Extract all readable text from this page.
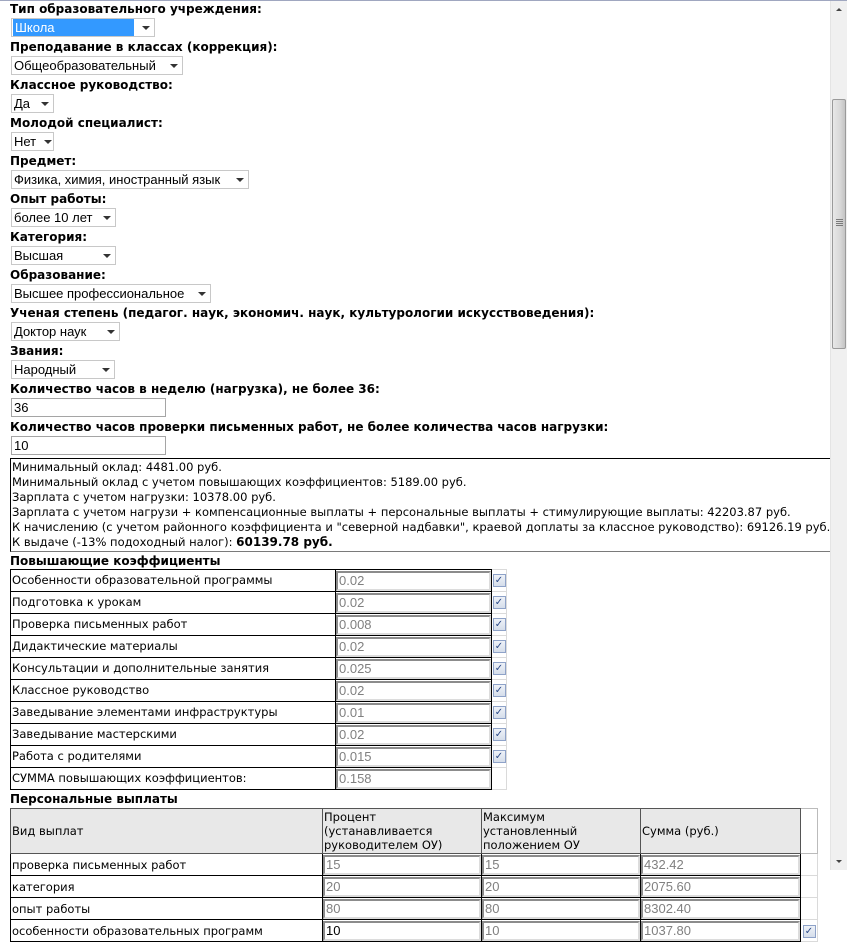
Тип образовательного учреждения:
Школа
Преподавание в классах (коррекция):
Общеобразовательный
Классное руководство:
Да
Молодой специалист:
Нет
Предмет:
Физика, химия, иностранный язык
Опыт работы:
более 10 лет
Категория:
Высшая
Образование:
Высшее профессиональное
Ученая степень (педагог. наук, экономич. наук, культурологии искусствоведения):
Доктор наук
Звания:
Народный
Количество часов в неделю (нагрузка), не более 36:
36
Количество часов проверки письменных работ, не более количества часов нагрузки:
10
Минимальный оклад: 4481.00 руб.
Минимальный оклад с учетом повышающих коэффициентов: 5189.00 руб.
Зарплата с учетом нагрузки: 10378.00 руб.
Зарплата с учетом нагрузи + компенсационные выплаты + персональные выплаты + стимулирующие выплаты: 42203.87 руб.
К начислению (с учетом районного коэффициента и "северной надбавки", краевой доплаты за классное руководство): 69126.19 руб.
К выдаче (-13% подоходный налог): 60139.78 руб.
Повышающие коэффициенты
Особенности образовательной программы	0.02	✓
Подготовка к урокам	0.02	✓
Проверка письменных работ	0.008	✓
Дидактические материалы	0.02	✓
Консультации и дополнительные занятия	0.025	✓
Классное руководство	0.02	✓
Заведывание элементами инфраструктуры	0.01	✓
Заведывание мастерскими	0.02	✓
Работа с родителями	0.015	✓
СУММА повышающих коэффициентов:	0.158	

Персональные выплаты
Вид выплат	Процент (устанавливается руководителем ОУ)	Максимум установленный положением ОУ	Сумма (руб.)	
проверка письменных работ	15	15	432.42	

категория	20	20	2075.60	

опыт работы	80	80	8302.40	

особенности образовательных программ	10	10	1037.80	✓
